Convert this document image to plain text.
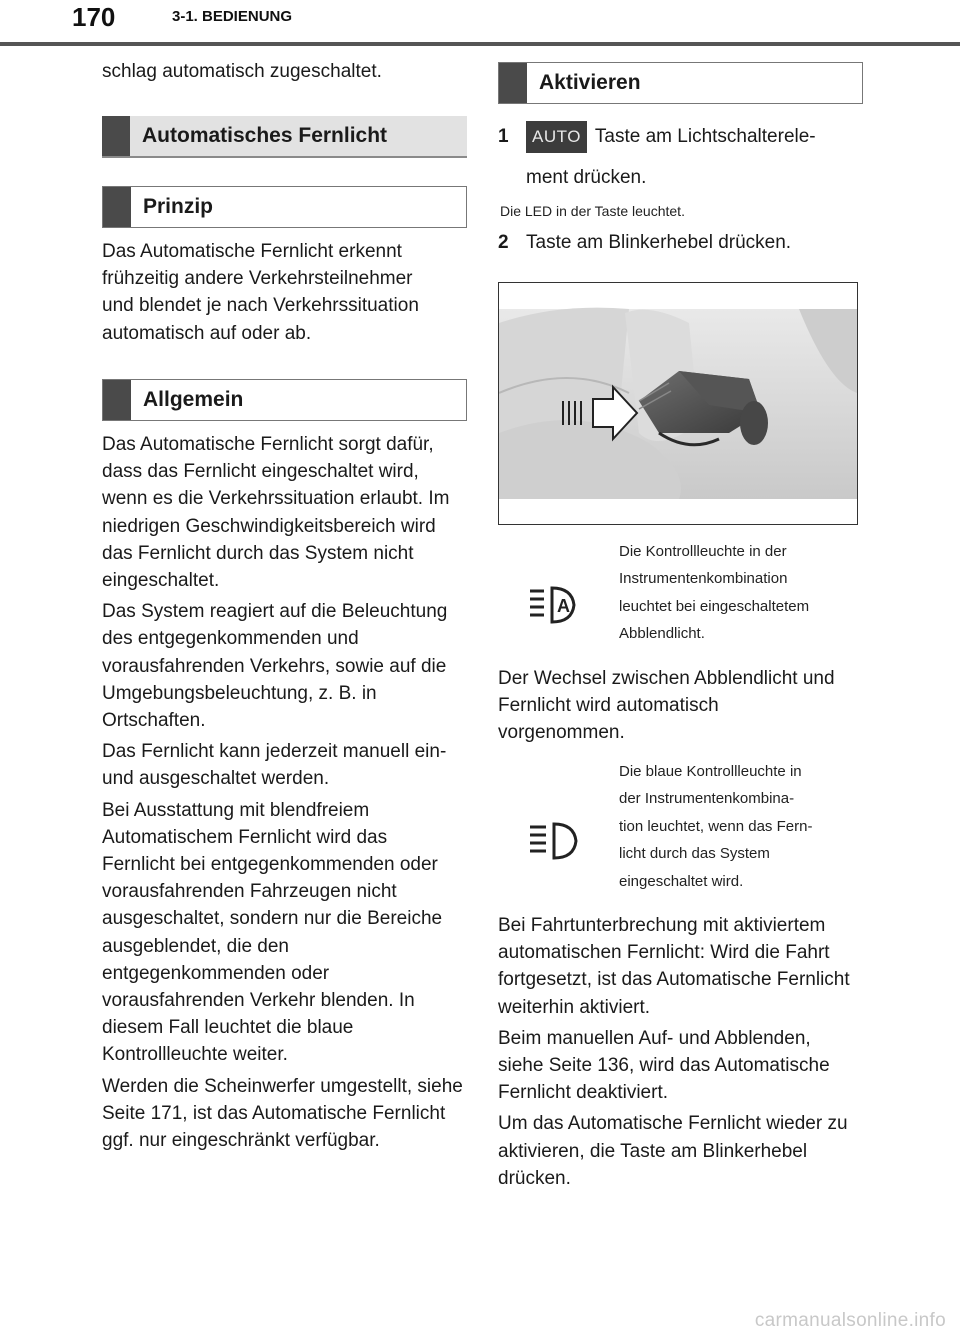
170	3-1. BEDIENUNG

schlag automatisch zugeschaltet.

Automatisches Fernlicht
Prinzip

Das Automatische Fernlicht erkennt frühzeitig andere Verkehrsteilnehmer und blendet je nach Verkehrssituation automatisch auf oder ab.

Allgemein

Das Automatische Fernlicht sorgt dafür, dass das Fernlicht eingeschaltet wird, wenn es die Verkehrssituation erlaubt. Im niedrigen Geschwindigkeitsbereich wird das Fernlicht durch das System nicht eingeschaltet.

Das System reagiert auf die Beleuchtung des entgegenkommenden und vorausfahrenden Verkehrs, sowie auf die Umgebungsbeleuchtung, z. B. in Ortschaften.

Das Fernlicht kann jederzeit manuell ein- und ausgeschaltet werden.

Bei Ausstattung mit blendfreiem Automatischem Fernlicht wird das Fernlicht bei entgegenkommenden oder vorausfahrenden Fahrzeugen nicht ausgeschaltet, sondern nur die Bereiche ausgeblendet, die den entgegenkommenden oder vorausfahrenden Verkehr blenden. In diesem Fall leuchtet die blaue Kontrollleuchte weiter.

Werden die Scheinwerfer umgestellt, siehe Seite 171, ist das Automatische Fernlicht ggf. nur eingeschränkt verfügbar.

Aktivieren
1	AUTO Taste am Lichtschalterele-
ment drücken.
Die LED in der Taste leuchtet.
2 Taste am Blinkerhebel drücken.
A
Die Kontrollleuchte in der
Instrumentenkombination
leuchtet bei eingeschaltetem
Abblendlicht.

Der Wechsel zwischen Abblendlicht und Fernlicht wird automatisch vorgenommen.

Die blaue Kontrollleuchte in
der Instrumentenkombina-
tion leuchtet, wenn das Fern-
licht durch das System
eingeschaltet wird.

Bei Fahrtunterbrechung mit aktiviertem automatischen Fernlicht: Wird die Fahrt fortgesetzt, ist das Automatische Fernlicht weiterhin aktiviert.

Beim manuellen Auf- und Abblenden, siehe Seite 136, wird das Automatische Fernlicht deaktiviert.

Um das Automatische Fernlicht wieder zu aktivieren, die Taste am Blinkerhebel drücken.

carmanualsonline.info
